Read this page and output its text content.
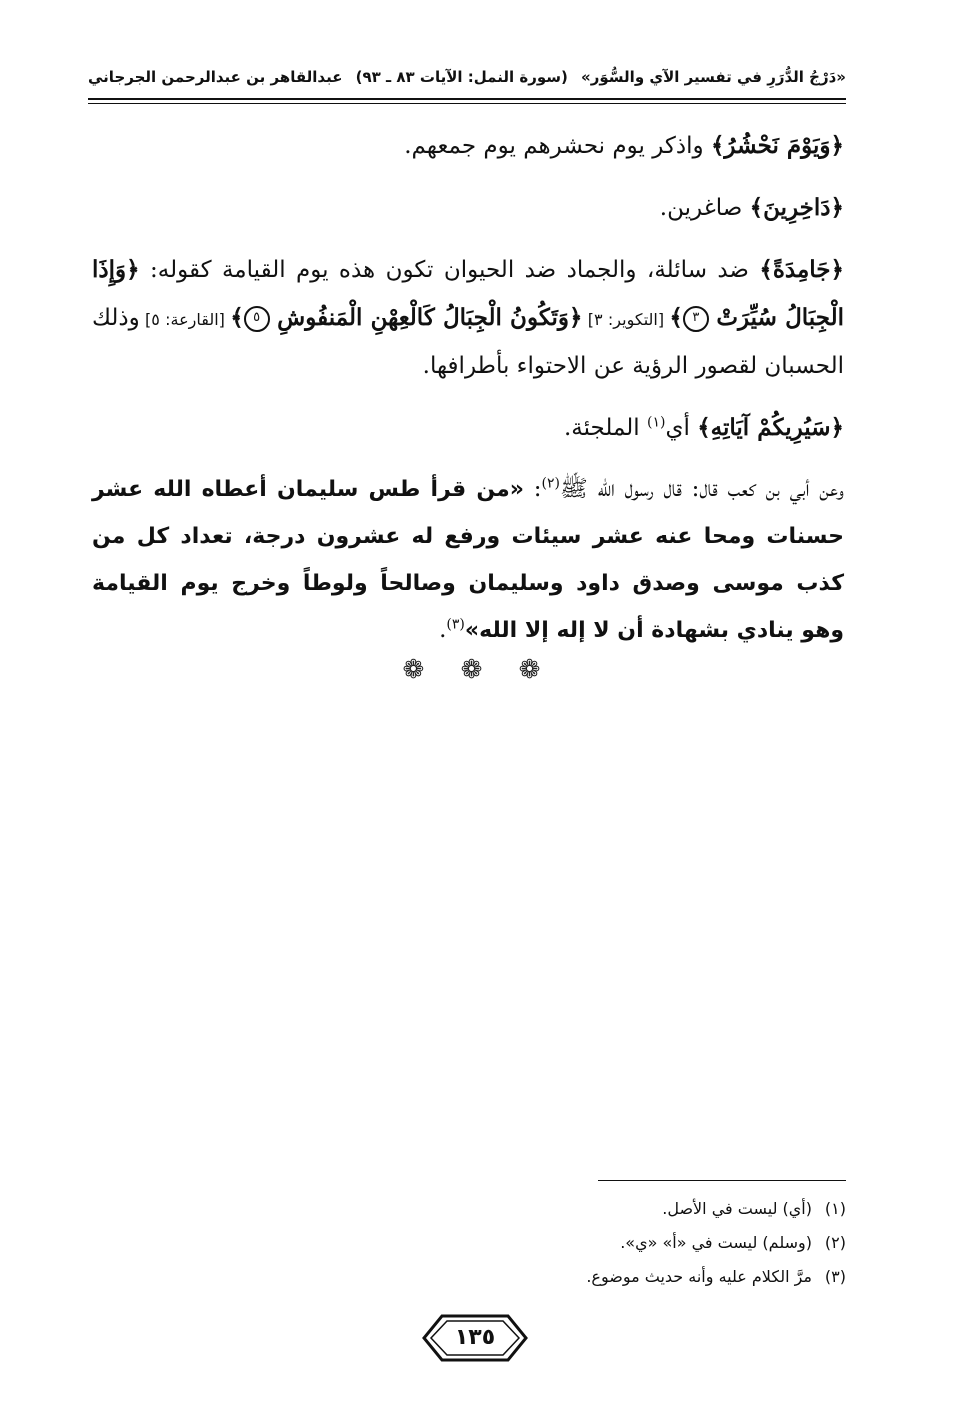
«دَرْجُ الدُّرَرِ في تفسير الآي والسُّوَر»
(سورة النمل: الآيات ٨٣ ـ ٩٣)
عبدالقاهر بن عبدالرحمن الجرجاني

﴿وَيَوْمَ نَحْشُرُ﴾ واذكر يوم نحشرهم يوم جمعهم.

﴿دَاخِرِينَ﴾ صاغرين.

﴿جَامِدَةً﴾ ضد سائلة، والجماد ضد الحيوان تكون هذه يوم القيامة كقوله: ﴿وَإِذَا الْجِبَالُ سُيِّرَتْ ٣﴾ [التكوير: ٣] ﴿وَتَكُونُ الْجِبَالُ كَالْعِهْنِ الْمَنفُوشِ ٥﴾ [القارعة: ٥] وذلك الحسبان لقصور الرؤية عن الاحتواء بأطرافها.

﴿سَيُرِيكُمْ آيَاتِهِ﴾ أي$^{(١)}$ الملجئة.

وعن أبي بن كعب قال: قال رسول الله ﷺ$^{(٢)}$: «من قرأ طس سليمان أعطاه الله عشر حسنات ومحا عنه عشر سيئات ورفع له عشرون درجة، تعداد كل من كذب موسى وصدق داود وسليمان وصالحاً ولوطاً وخرج يوم القيامة وهو ينادي بشهادة أن لا إله إلا الله»$^{(٣)}$.

❁ ❁ ❁
(١)(أي) ليست في الأصل.
(٢)(وسلم) ليست في «أ» «ي».
(٣)مرَّ الكلام عليه وأنه حديث موضوع.
١٣٥
